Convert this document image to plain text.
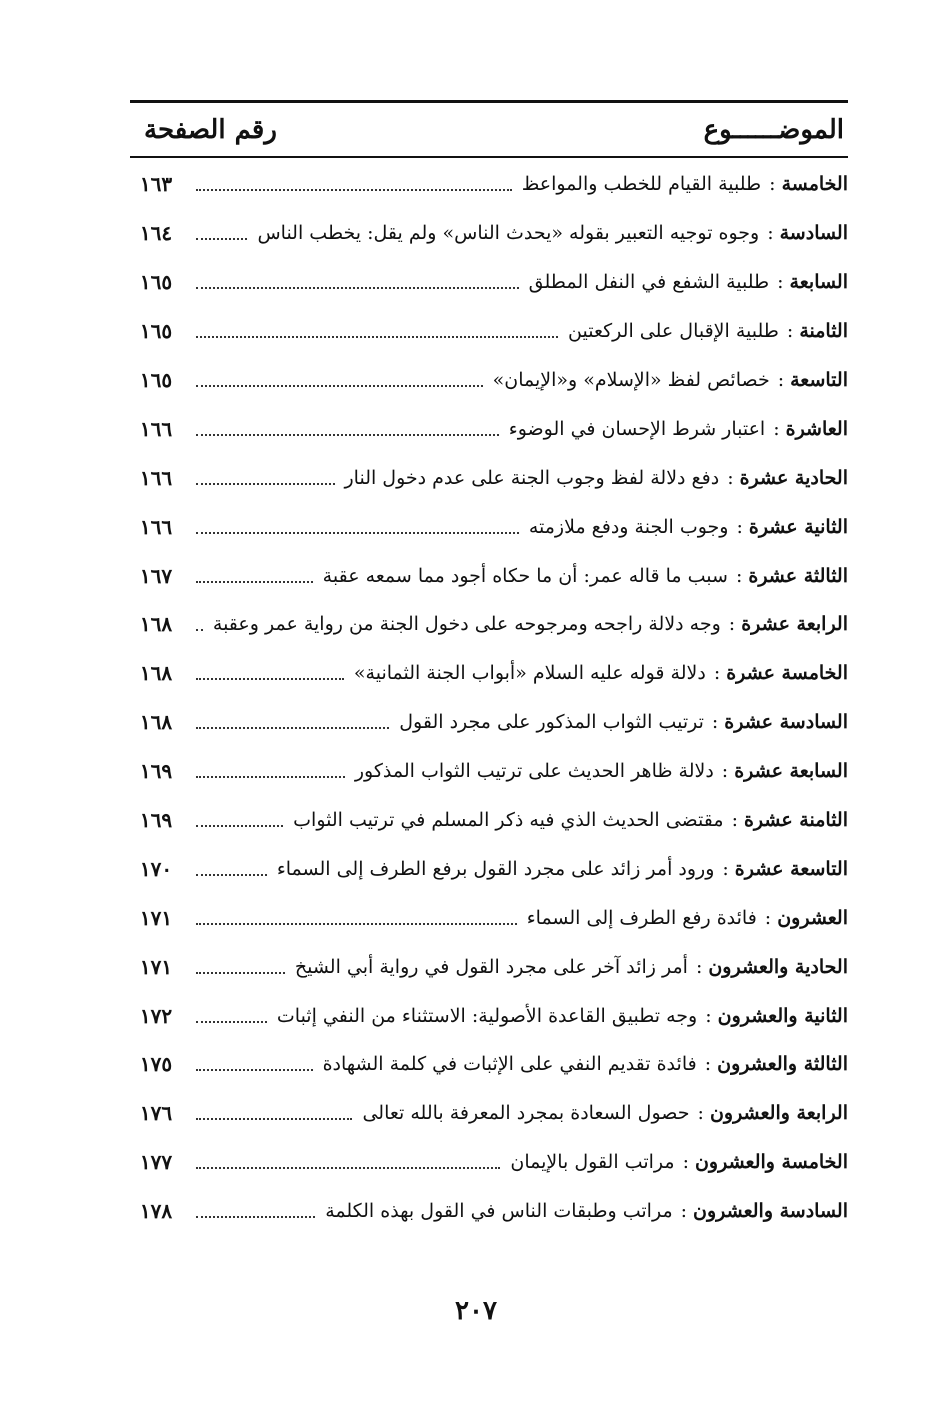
الموضــــــوع
رقم الصفحة
الخامسة
:
طلبية القيام للخطب والمواعظ
١٦٣
السادسة
:
وجوه توجيه التعبير بقوله «يحدث الناس» ولم يقل: يخطب الناس
١٦٤
السابعة
:
طلبية الشفع في النفل المطلق
١٦٥
الثامنة
:
طلبية الإقبال على الركعتين
١٦٥
التاسعة
:
خصائص لفظ «الإسلام» و«الإيمان»
١٦٥
العاشرة
:
اعتبار شرط الإحسان في الوضوء
١٦٦
الحادية عشرة
:
دفع دلالة لفظ وجوب الجنة على عدم دخول النار
١٦٦
الثانية عشرة
:
وجوب الجنة ودفع ملازمته
١٦٦
الثالثة عشرة
:
سبب ما قاله عمر: أن ما حكاه أجود مما سمعه عقبة
١٦٧
الرابعة عشرة
:
وجه دلالة راجحه ومرجوحه على دخول الجنة من رواية عمر وعقبة
١٦٨
الخامسة عشرة
:
دلالة قوله عليه السلام «أبواب الجنة الثمانية»
١٦٨
السادسة عشرة
:
ترتيب الثواب المذكور على مجرد القول
١٦٨
السابعة عشرة
:
دلالة ظاهر الحديث على ترتيب الثواب المذكور
١٦٩
الثامنة عشرة
:
مقتضى الحديث الذي فيه ذكر المسلم في ترتيب الثواب
١٦٩
التاسعة عشرة
:
ورود أمر زائد على مجرد القول برفع الطرف إلى السماء
١٧٠
العشرون
:
فائدة رفع الطرف إلى السماء
١٧١
الحادية والعشرون
:
أمر زائد آخر على مجرد القول في رواية أبي الشيخ
١٧١
الثانية والعشرون
:
وجه تطبيق القاعدة الأصولية: الاستثناء من النفي إثبات
١٧٢
الثالثة والعشرون
:
فائدة تقديم النفي على الإثبات في كلمة الشهادة
١٧٥
الرابعة والعشرون
:
حصول السعادة بمجرد المعرفة بالله تعالى
١٧٦
الخامسة والعشرون
:
مراتب القول بالإيمان
١٧٧
السادسة والعشرون
:
مراتب وطبقات الناس في القول بهذه الكلمة
١٧٨
٢٠٧
